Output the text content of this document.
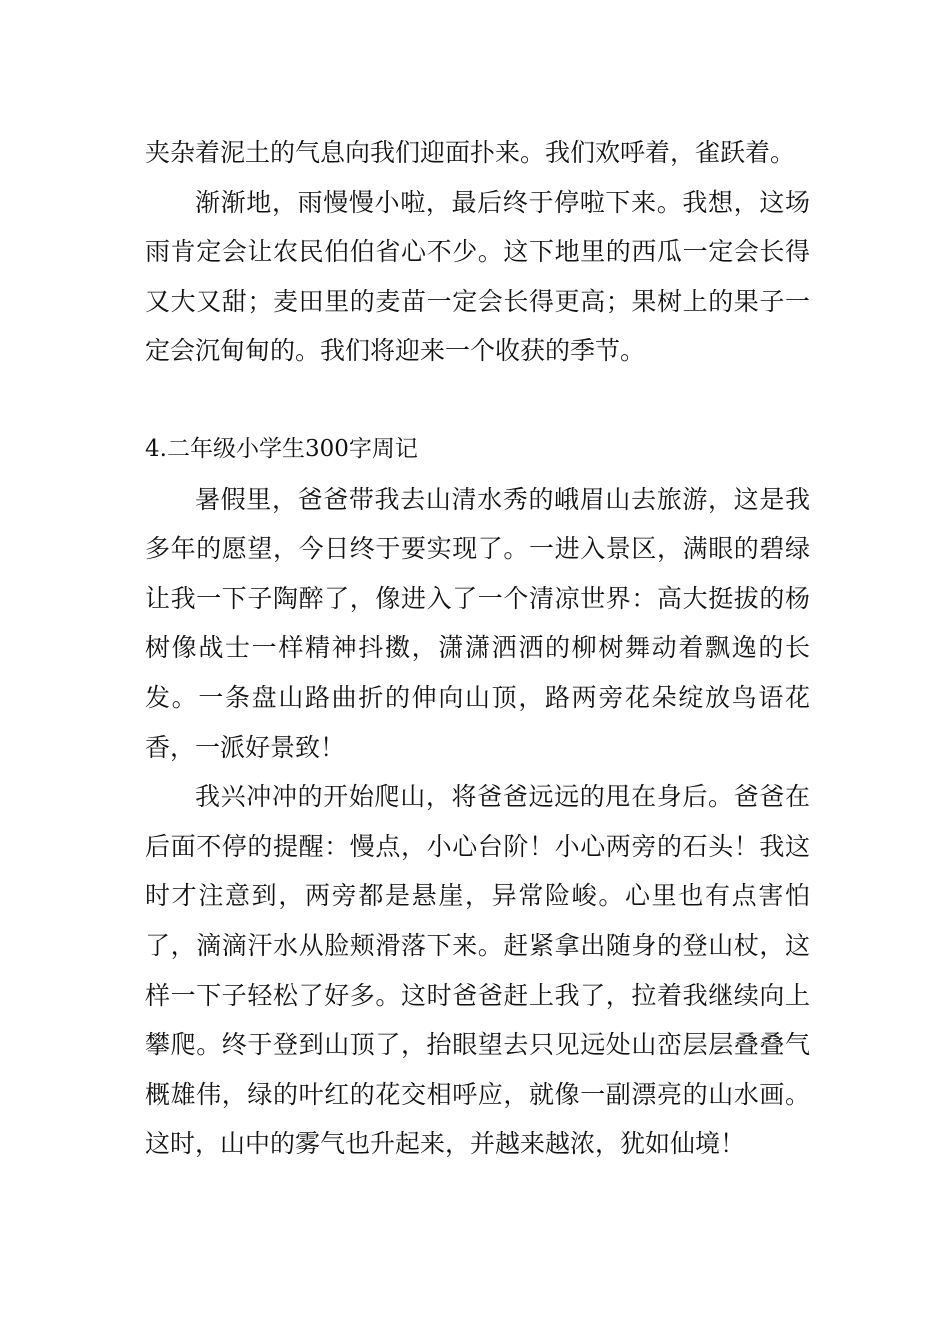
夹杂着泥土的气息向我们迎面扑来。我们欢呼着，雀跃着。

渐渐地，雨慢慢小啦，最后终于停啦下来。我想，这场雨肯定会让农民伯伯省心不少。这下地里的西瓜一定会长得又大又甜；麦田里的麦苗一定会长得更高；果树上的果子一定会沉甸甸的。我们将迎来一个收获的季节。

4.二年级小学生300字周记

暑假里，爸爸带我去山清水秀的峨眉山去旅游，这是我多年的愿望，今日终于要实现了。一进入景区，满眼的碧绿让我一下子陶醉了，像进入了一个清凉世界：高大挺拔的杨树像战士一样精神抖擞，潇潇洒洒的柳树舞动着飘逸的长发。一条盘山路曲折的伸向山顶，路两旁花朵绽放鸟语花香，一派好景致！

我兴冲冲的开始爬山，将爸爸远远的甩在身后。爸爸在后面不停的提醒：慢点，小心台阶！小心两旁的石头！我这时才注意到，两旁都是悬崖，异常险峻。心里也有点害怕了，滴滴汗水从脸颊滑落下来。赶紧拿出随身的登山杖，这样一下子轻松了好多。这时爸爸赶上我了，拉着我继续向上攀爬。终于登到山顶了，抬眼望去只见远处山峦层层叠叠气概雄伟，绿的叶红的花交相呼应，就像一副漂亮的山水画。这时，山中的雾气也升起来，并越来越浓，犹如仙境！
